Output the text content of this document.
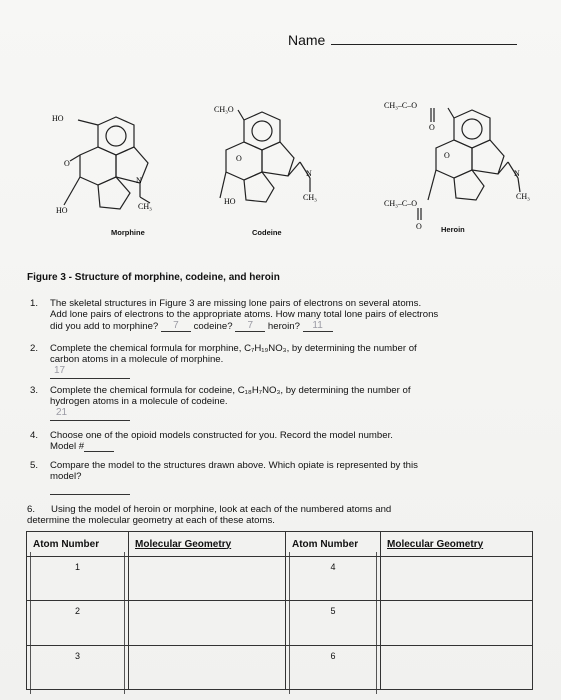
Name
HO
O
HO
N
CH₃
Morphine
CH₃O
O
HO
N
CH₃
Codeine
CH₃–C–O
O
O
CH₃–C–O
O
N
CH₃
Heroin
Figure 3 - Structure of morphine, codeine, and heroin
1. The skeletal structures in Figure 3 are missing lone pairs of electrons on several atoms.
Add lone pairs of electrons to the appropriate atoms. How many total lone pairs of electrons
did you add to morphine? 7 codeine? 7 heroin? 11
2. Complete the chemical formula for morphine, C₇H₁₉NO₃, by determining the number of
carbon atoms in a molecule of morphine.
17
3. Complete the chemical formula for codeine, C₁₈H₇NO₃, by determining the number of
hydrogen atoms in a molecule of codeine.
21
4. Choose one of the opioid models constructed for you. Record the model number.
Model #
5. Compare the model to the structures drawn above. Which opiate is represented by this
model?
6. Using the model of heroin or morphine, look at each of the numbered atoms and
determine the molecular geometry at each of these atoms.
Atom Number	Molecular Geometry	Atom Number	Molecular Geometry

1		4	

2		5	

3		6	
